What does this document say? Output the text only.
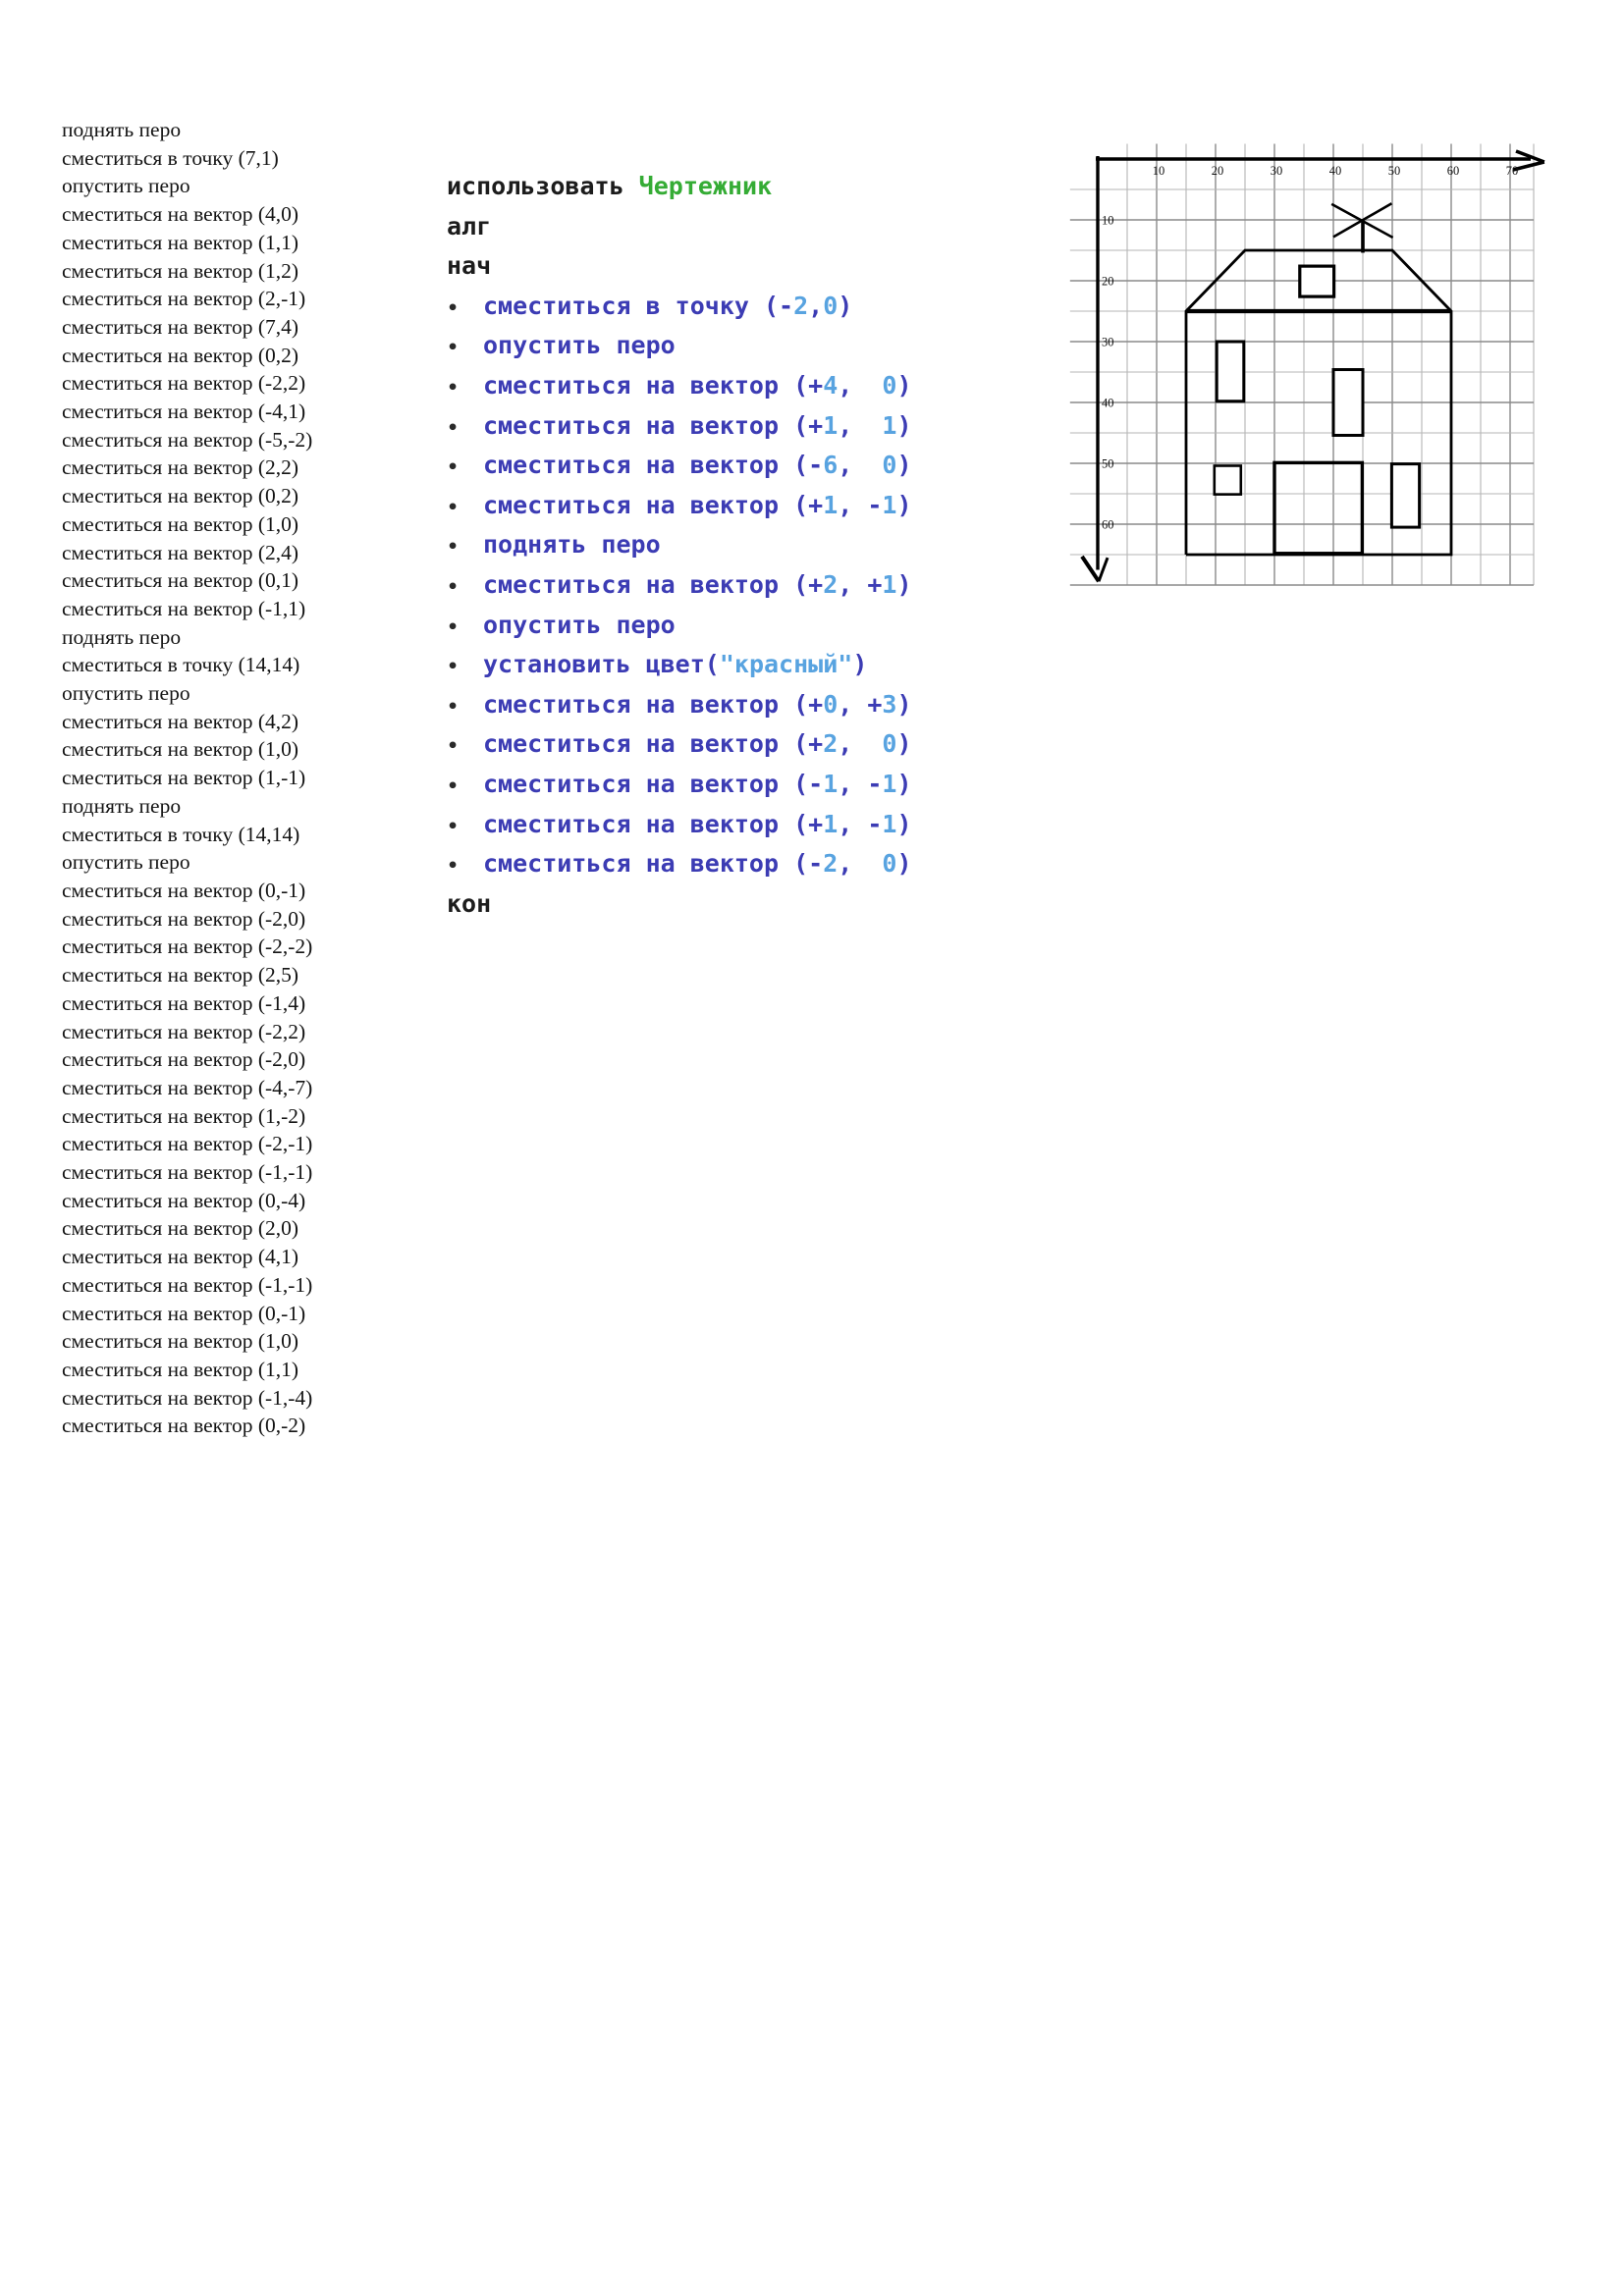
поднять перо
сместиться в точку (7,1)
опустить перо
сместиться на вектор (4,0)
сместиться на вектор (1,1)
сместиться на вектор (1,2)
сместиться на вектор (2,-1)
сместиться на вектор (7,4)
сместиться на вектор (0,2)
сместиться на вектор (-2,2)
сместиться на вектор (-4,1)
сместиться на вектор (-5,-2)
сместиться на вектор (2,2)
сместиться на вектор (0,2)
сместиться на вектор (1,0)
сместиться на вектор (2,4)
сместиться на вектор (0,1)
сместиться на вектор (-1,1)
поднять перо
сместиться в точку (14,14)
опустить перо
сместиться на вектор (4,2)
сместиться на вектор (1,0)
сместиться на вектор (1,-1)
поднять перо
сместиться в точку (14,14)
опустить перо
сместиться на вектор (0,-1)
сместиться на вектор (-2,0)
сместиться на вектор (-2,-2)
сместиться на вектор (2,5)
сместиться на вектор (-1,4)
сместиться на вектор (-2,2)
сместиться на вектор (-2,0)
сместиться на вектор (-4,-7)
сместиться на вектор (1,-2)
сместиться на вектор (-2,-1)
сместиться на вектор (-1,-1)
сместиться на вектор (0,-4)
сместиться на вектор (2,0)
сместиться на вектор (4,1)
сместиться на вектор (-1,-1)
сместиться на вектор (0,-1)
сместиться на вектор (1,0)
сместиться на вектор (1,1)
сместиться на вектор (-1,-4)
сместиться на вектор (0,-2)
использовать Чертежник
алг
нач
• сместиться в точку (-2,0)
• опустить перо
• сместиться на вектор (+4,  0)
• сместиться на вектор (+1,  1)
• сместиться на вектор (-6,  0)
• сместиться на вектор (+1, -1)
• поднять перо
• сместиться на вектор (+2, +1)
• опустить перо
• установить цвет("красный")
• сместиться на вектор (+0, +3)
• сместиться на вектор (+2,  0)
• сместиться на вектор (-1, -1)
• сместиться на вектор (+1, -1)
• сместиться на вектор (-2,  0)
кон
10	20	30	40	50	60	70
10
20
30
40
50
60
